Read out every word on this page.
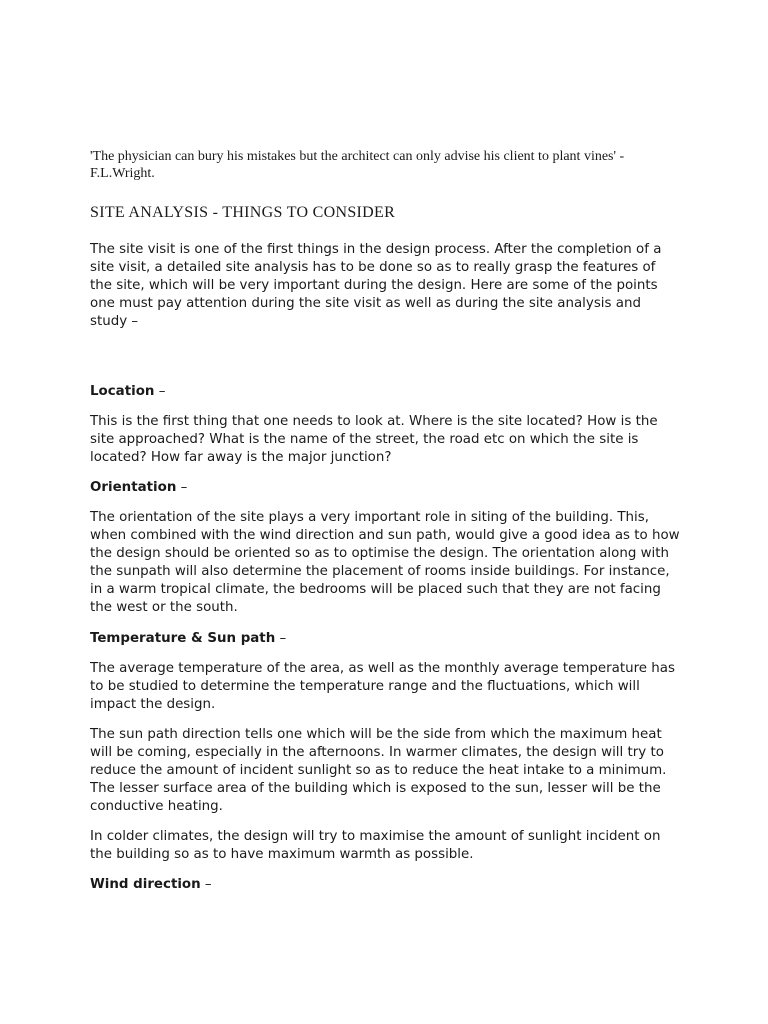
'The physician can bury his mistakes but the architect can only advise his client to plant vines' - F.L.Wright.

SITE ANALYSIS - THINGS TO CONSIDER

The site visit is one of the first things in the design process. After the completion of a site visit, a detailed site analysis has to be done so as to really grasp the features of the site, which will be very important during the design. Here are some of the points one must pay attention during the site visit as well as during the site analysis and study –

Location –

This is the first thing that one needs to look at. Where is the site located? How is the site approached? What is the name of the street, the road etc on which the site is located? How far away is the major junction?

Orientation –

The orientation of the site plays a very important role in siting of the building. This, when combined with the wind direction and sun path, would give a good idea as to how the design should be oriented so as to optimise the design. The orientation along with the sunpath will also determine the placement of rooms inside buildings. For instance, in a warm tropical climate, the bedrooms will be placed such that they are not facing the west or the south.

Temperature & Sun path –

The average temperature of the area, as well as the monthly average temperature has to be studied to determine the temperature range and the fluctuations, which will impact the design.

The sun path direction tells one which will be the side from which the maximum heat will be coming, especially in the afternoons. In warmer climates, the design will try to reduce the amount of incident sunlight so as to reduce the heat intake to a minimum. The lesser surface area of the building which is exposed to the sun, lesser will be the conductive heating.

In colder climates, the design will try to maximise the amount of sunlight incident on the building so as to have maximum warmth as possible.

Wind direction –
